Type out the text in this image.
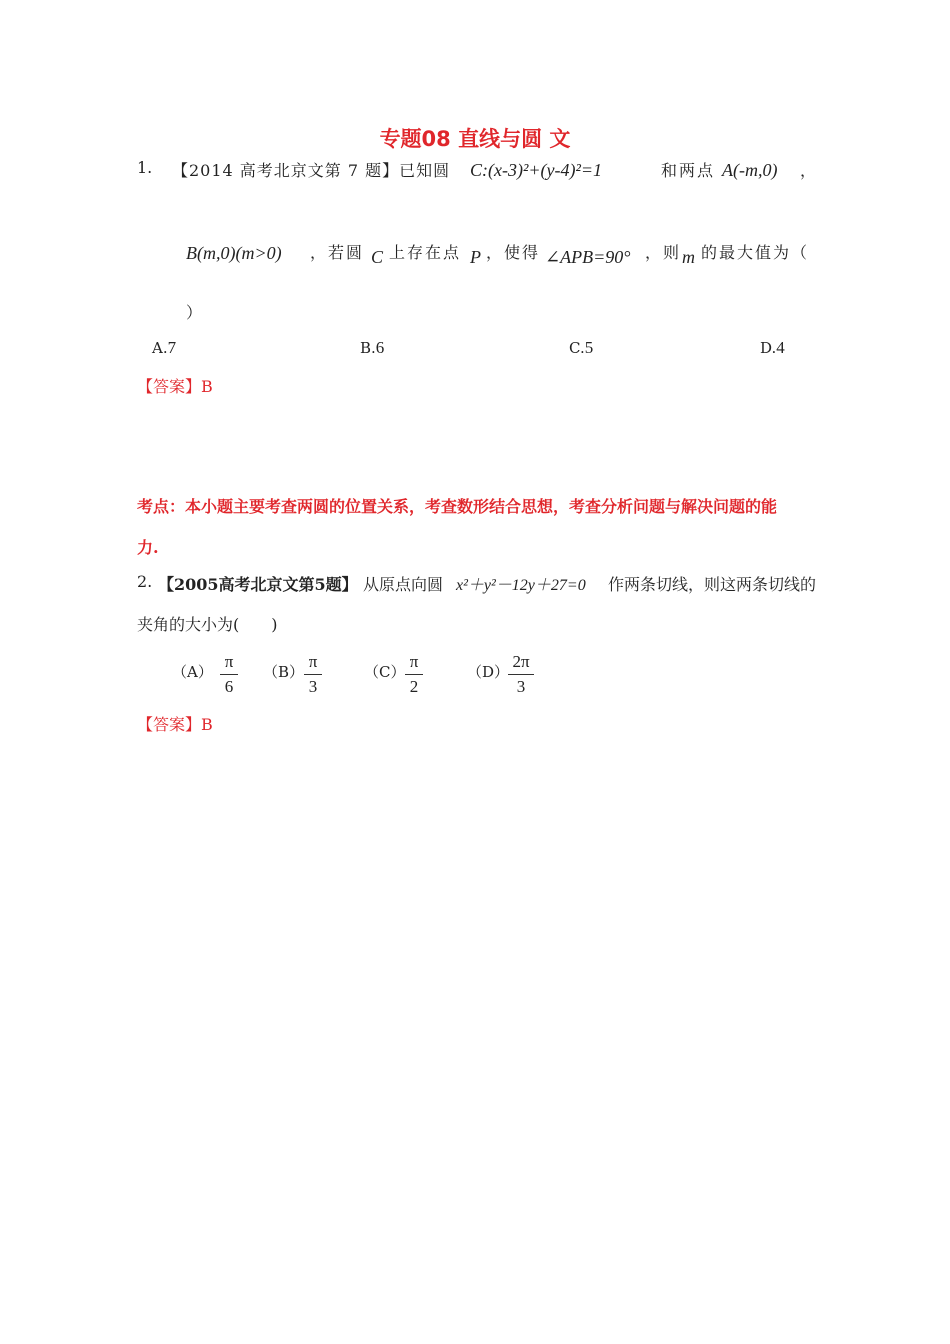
专题08 直线与圆 文
1. 【2014 高考北京文第 7 题】已知圆 C:(x-3)²+(y-4)²=1	和两点 A(-m,0) ，
B(m,0)(m>0) ，若圆 C 上存在点 P ，使得 ∠APB=90° ，则 m 的最大值为（
）
A.7	B.6	C.5	D.4
【答案】B
考点：本小题主要考查两圆的位置关系，考查数形结合思想，考查分析问题与解决问题的能
力.
2. 【2005高考北京文第5题】 从原点向圆 x²＋y²－12y＋27=0 作两条切线，则这两条切线的
夹角的大小为(　　)
（A）
π
6
（B）
π
3
（C）
π
2
（D）
2π
3
【答案】B
